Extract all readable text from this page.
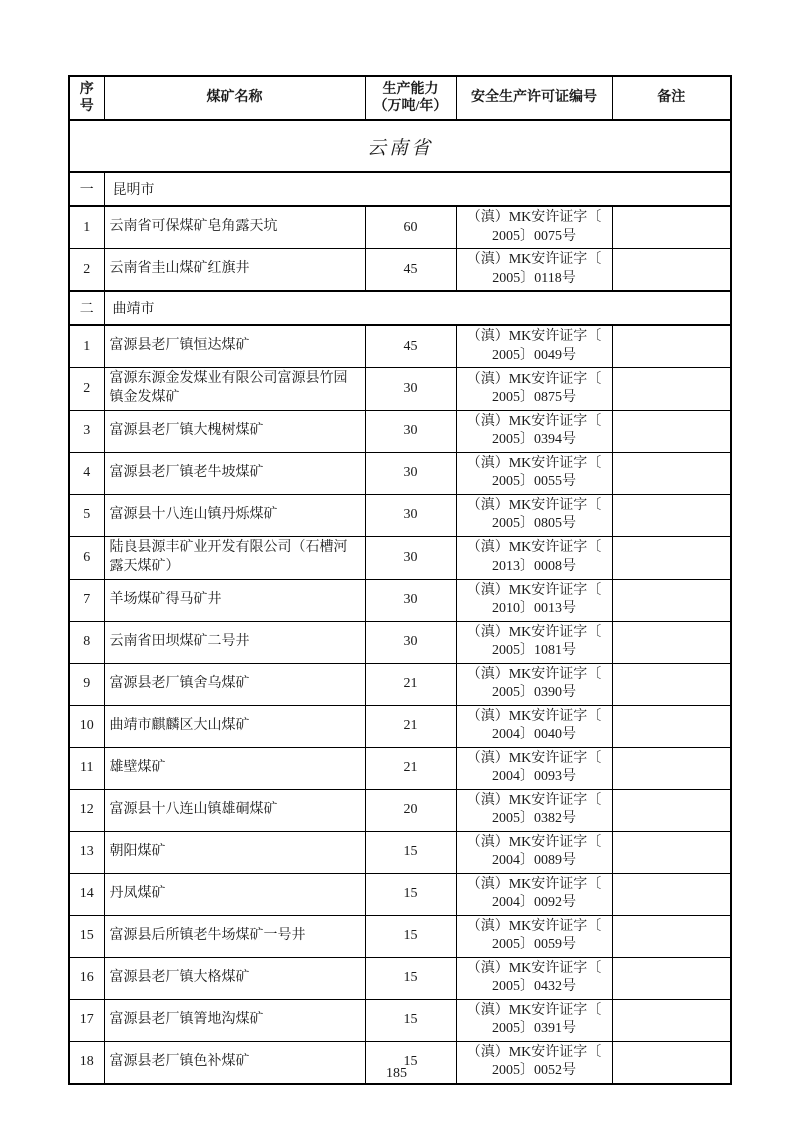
序号	煤矿名称	生产能力
（万吨/年）	安全生产许可证编号	备注
云南省				
一	昆明市			
1	云南省可保煤矿皂角露天坑	60	（滇）MK安许证字〔
2005〕0075号	

2	云南省圭山煤矿红旗井	45	（滇）MK安许证字〔
2005〕0118号	

二	曲靖市			
1	富源县老厂镇恒达煤矿	45	（滇）MK安许证字〔
2005〕0049号	

2	富源东源金发煤业有限公司富源县竹园镇金发煤矿	30	（滇）MK安许证字〔
2005〕0875号	

3	富源县老厂镇大槐树煤矿	30	（滇）MK安许证字〔
2005〕0394号	

4	富源县老厂镇老牛坡煤矿	30	（滇）MK安许证字〔
2005〕0055号	

5	富源县十八连山镇丹烁煤矿	30	（滇）MK安许证字〔
2005〕0805号	

6	陆良县源丰矿业开发有限公司（石槽河露天煤矿）	30	（滇）MK安许证字〔
2013〕0008号	

7	羊场煤矿得马矿井	30	（滇）MK安许证字〔
2010〕0013号	

8	云南省田坝煤矿二号井	30	（滇）MK安许证字〔
2005〕1081号	

9	富源县老厂镇舍乌煤矿	21	（滇）MK安许证字〔
2005〕0390号	

10	曲靖市麒麟区大山煤矿	21	（滇）MK安许证字〔
2004〕0040号	

11	雄壁煤矿	21	（滇）MK安许证字〔
2004〕0093号	

12	富源县十八连山镇雄硐煤矿	20	（滇）MK安许证字〔
2005〕0382号	

13	朝阳煤矿	15	（滇）MK安许证字〔
2004〕0089号	

14	丹凤煤矿	15	（滇）MK安许证字〔
2004〕0092号	

15	富源县后所镇老牛场煤矿一号井	15	（滇）MK安许证字〔
2005〕0059号	

16	富源县老厂镇大格煤矿	15	（滇）MK安许证字〔
2005〕0432号	

17	富源县老厂镇箐地沟煤矿	15	（滇）MK安许证字〔
2005〕0391号	

18	富源县老厂镇色补煤矿	15	（滇）MK安许证字〔
2005〕0052号	

185
